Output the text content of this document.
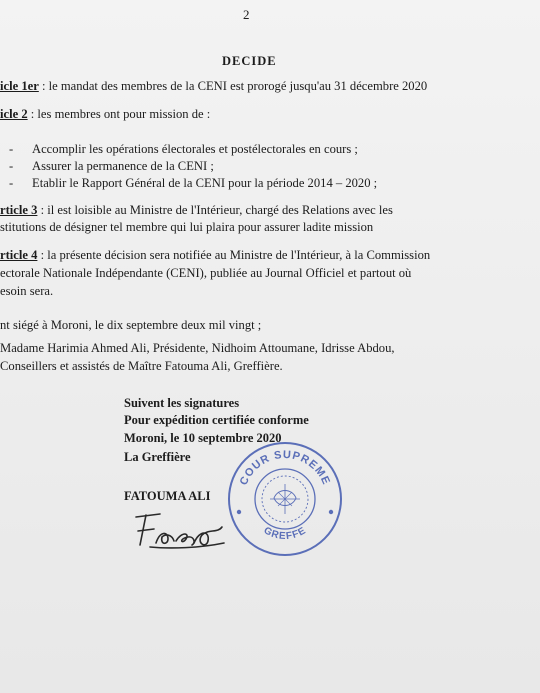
2
DECIDE
icle 1er : le mandat des membres de la CENI est prorogé jusqu'au 31 décembre 2020
icle 2 : les membres ont pour mission de :
- Accomplir les opérations électorales et postélectorales en cours ;
- Assurer la permanence de la CENI ;
- Etablir le Rapport Général de la CENI pour la période 2014 – 2020 ;
rticle 3 : il est loisible au Ministre de l'Intérieur, chargé des Relations avec les
stitutions de désigner tel membre qui lui plaira pour assurer ladite mission
rticle 4 : la présente décision sera notifiée au Ministre de l'Intérieur, à la Commission
ectorale Nationale Indépendante (CENI), publiée au Journal Officiel et partout où
esoin sera.
nt siégé à Moroni, le dix septembre deux mil vingt ;
Madame Harimia Ahmed Ali, Présidente, Nidhoim Attoumane, Idrisse Abdou,
Conseillers et assistés de Maître Fatouma Ali, Greffière.
Suivent les signatures
Pour expédition certifiée conforme
Moroni, le 10 septembre 2020
La Greffière
FATOUMA ALI
COUR SUPREME
GREFFE
